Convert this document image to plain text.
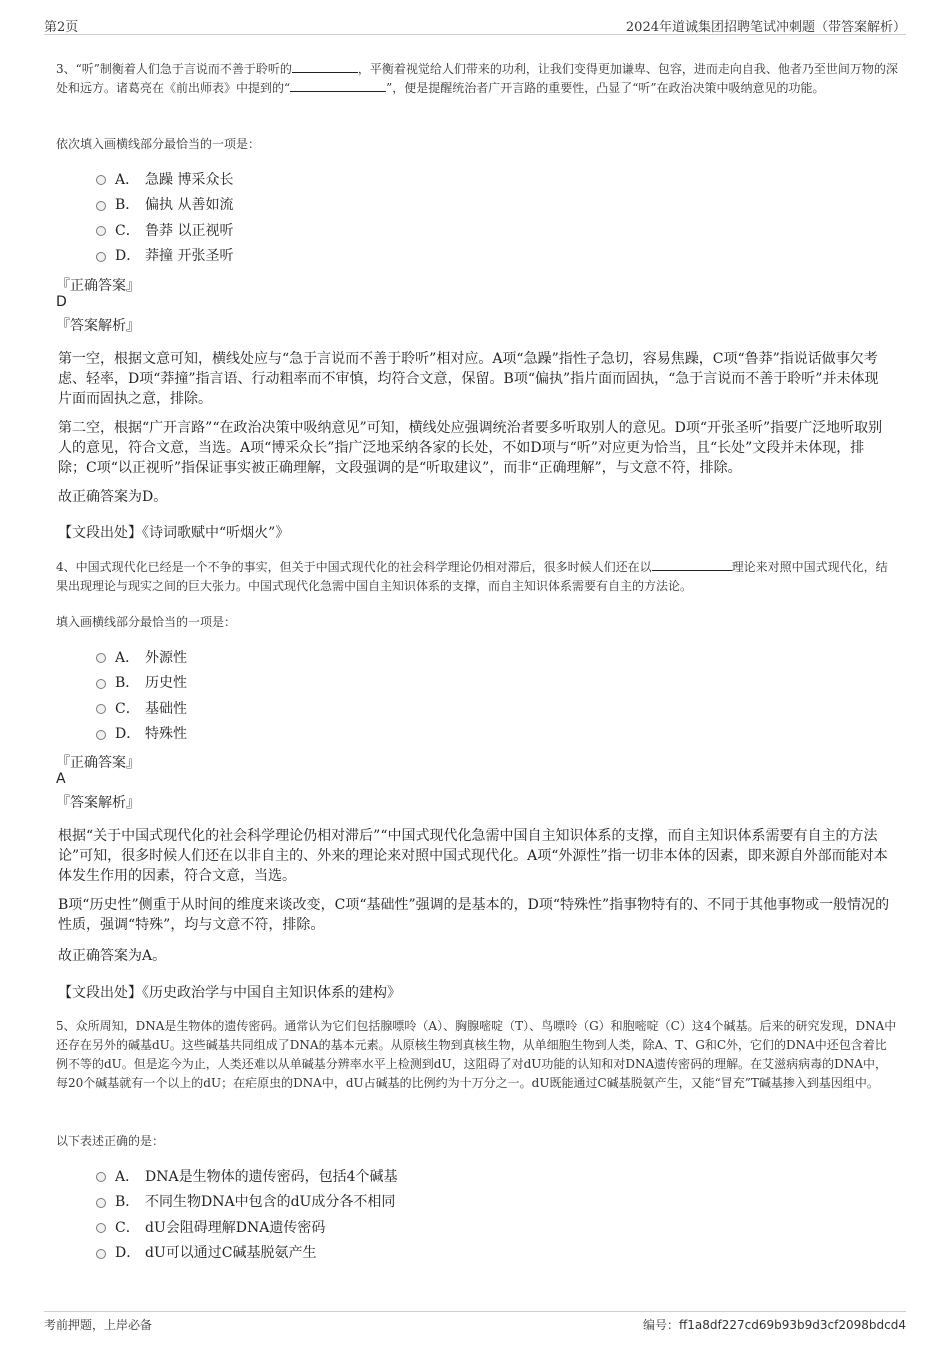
第2页	2024年道诚集团招聘笔试冲刺题（带答案解析）
3、“听”制衡着人们急于言说而不善于聆听的	，平衡着视觉给人们带来的功利，让我们变得更加谦卑、包容，进而走向自我、他者乃至世间万物的深处和远方。诸葛亮在《前出师表》中提到的“	”，便是提醒统治者广开言路的重要性，凸显了“听”在政治决策中吸纳意见的功能。
依次填入画横线部分最恰当的一项是：
A． 急躁 博采众长
B． 偏执 从善如流
C． 鲁莽 以正视听
D． 莽撞 开张圣听
『正确答案』
D
『答案解析』
第一空，根据文意可知，横线处应与“急于言说而不善于聆听”相对应。A项“急躁”指性子急切，容易焦躁，C项“鲁莽”指说话做事欠考虑、轻率，D项“莽撞”指言语、行动粗率而不审慎，均符合文意，保留。B项“偏执”指片面而固执，“急于言说而不善于聆听”并未体现片面而固执之意，排除。
第二空，根据“广开言路”“在政治决策中吸纳意见”可知，横线处应强调统治者要多听取别人的意见。D项“开张圣听”指要广泛地听取别人的意见，符合文意，当选。A项“博采众长”指广泛地采纳各家的长处，不如D项与“听”对应更为恰当，且“长处”文段并未体现，排除；C项“以正视听”指保证事实被正确理解，文段强调的是“听取建议”，而非“正确理解”，与文意不符，排除。
故正确答案为D。
【文段出处】《诗词歌赋中“听烟火”》
4、中国式现代化已经是一个不争的事实，但关于中国式现代化的社会科学理论仍相对滞后，很多时候人们还在以	理论来对照中国式现代化，结果出现理论与现实之间的巨大张力。中国式现代化急需中国自主知识体系的支撑，而自主知识体系需要有自主的方法论。
填入画横线部分最恰当的一项是：
A． 外源性
B． 历史性
C． 基础性
D． 特殊性
『正确答案』
A
『答案解析』
根据“关于中国式现代化的社会科学理论仍相对滞后”“中国式现代化急需中国自主知识体系的支撑，而自主知识体系需要有自主的方法论”可知，很多时候人们还在以非自主的、外来的理论来对照中国式现代化。A项“外源性”指一切非本体的因素，即来源自外部而能对本体发生作用的因素，符合文意，当选。
B项“历史性”侧重于从时间的维度来谈改变，C项“基础性”强调的是基本的，D项“特殊性”指事物特有的、不同于其他事物或一般情况的性质，强调“特殊”，均与文意不符，排除。
故正确答案为A。
【文段出处】《历史政治学与中国自主知识体系的建构》
5、众所周知，DNA是生物体的遗传密码。通常认为它们包括腺嘌呤（A）、胸腺嘧啶（T）、鸟嘌呤（G）和胞嘧啶（C）这4个碱基。后来的研究发现，DNA中还存在另外的碱基dU。这些碱基共同组成了DNA的基本元素。从原核生物到真核生物，从单细胞生物到人类，除A、T、G和C外，它们的DNA中还包含着比例不等的dU。但是迄今为止，人类还难以从单碱基分辨率水平上检测到dU，这阻碍了对dU功能的认知和对DNA遗传密码的理解。在艾滋病病毒的DNA中，每20个碱基就有一个以上的dU；在疟原虫的DNA中，dU占碱基的比例约为十万分之一。dU既能通过C碱基脱氨产生，又能“冒充”T碱基掺入到基因组中。
以下表述正确的是：
A． DNA是生物体的遗传密码，包括4个碱基
B． 不同生物DNA中包含的dU成分各不相同
C． dU会阻碍理解DNA遗传密码
D． dU可以通过C碱基脱氨产生
考前押题，上岸必备	编号：ff1a8df227cd69b93b9d3cf2098bdcd4
